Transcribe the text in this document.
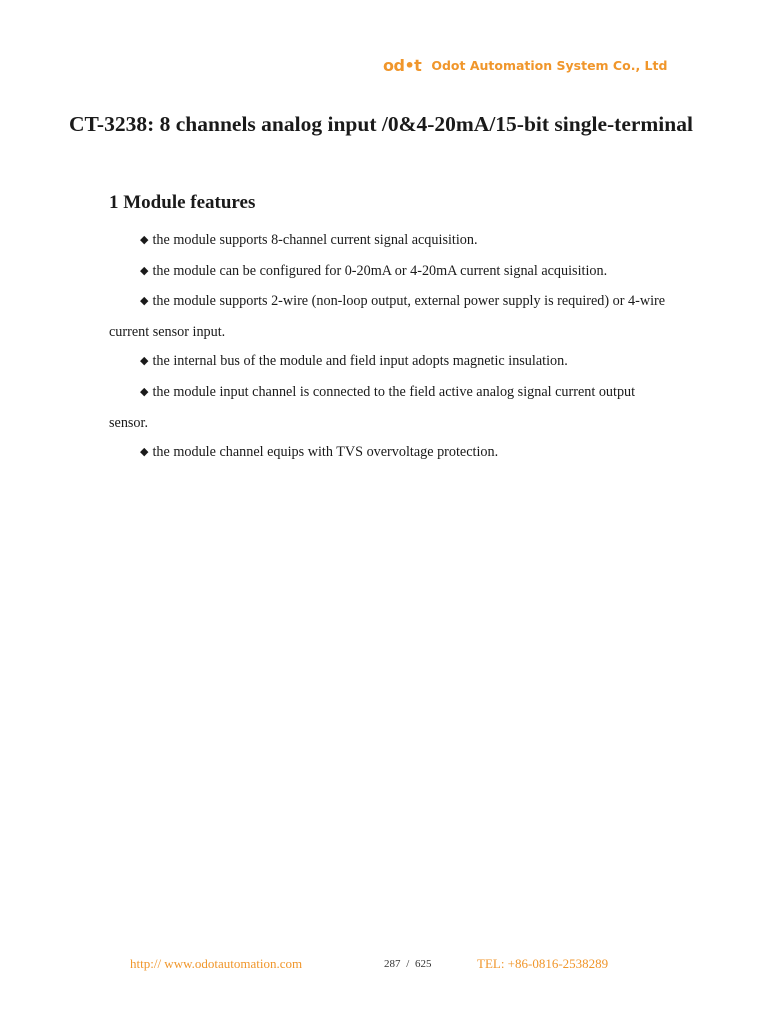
od•t Odot Automation System Co., Ltd
CT-3238: 8 channels analog input /0&4-20mA/15-bit single-terminal
1 Module features
◆ the module supports 8-channel current signal acquisition.
◆ the module can be configured for 0-20mA or 4-20mA current signal acquisition.
◆ the module supports 2-wire (non-loop output, external power supply is required) or 4-wire current sensor input.
◆ the internal bus of the module and field input adopts magnetic insulation.
◆ the module input channel is connected to the field active analog signal current output sensor.
◆ the module channel equips with TVS overvoltage protection.
http:// www.odotautomation.com	287 / 625	TEL: +86-0816-2538289
